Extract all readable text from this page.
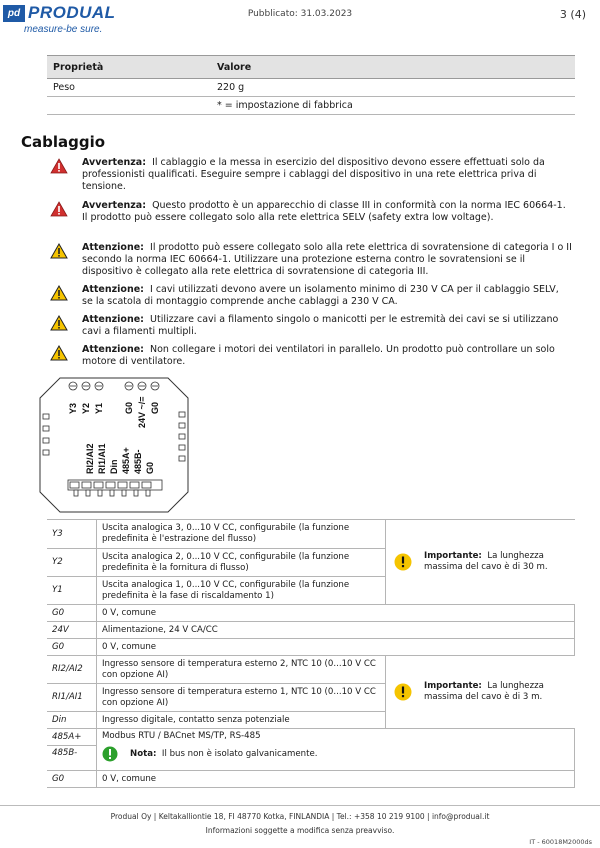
pd PRODUAL
measure-be sure.
Pubblicato: 31.03.2023	3 (4)
Proprietà	Valore
Peso	220 g
	* = impostazione di fabbrica
Cablaggio
Avvertenza: Il cablaggio e la messa in esercizio del dispositivo devono essere effettuati solo da professionisti qualificati. Eseguire sempre i cablaggi del dispositivo in una rete elettrica priva di tensione.
Avvertenza: Questo prodotto è un apparecchio di classe III in conformità con la norma IEC 60664-1. Il prodotto può essere collegato solo alla rete elettrica SELV (safety extra low voltage).
Attenzione: Il prodotto può essere collegato solo alla rete elettrica di sovratensione di categoria I o II secondo la norma IEC 60664-1. Utilizzare una protezione esterna contro le sovratensioni se il dispositivo è collegato alla rete elettrica di sovratensione di categoria III.
Attenzione: I cavi utilizzati devono avere un isolamento minimo di 230 V CA per il cablaggio SELV, se la scatola di montaggio comprende anche cablaggi a 230 V CA.
Attenzione: Utilizzare cavi a filamento singolo o manicotti per le estremità dei cavi se si utilizzano cavi a filamenti multipli.
Attenzione: Non collegare i motori dei ventilatori in parallelo. Un prodotto può controllare un solo motore di ventilatore.
Y3 Y2 Y1 G0 24V ~/= G0
RI2/AI2 RI1/AI1 Din 485A+ 485B- G0
Y3	Uscita analogica 3, 0...10 V CC, configurabile (la funzione predefinita è l'estrazione del flusso)	Importante: La lunghezza massima del cavo è di 30 m.

Y2	Uscita analogica 2, 0...10 V CC, configurabile (la funzione predefinita è la fornitura di flusso)	
Y1	Uscita analogica 1, 0...10 V CC, configurabile (la funzione predefinita è la fase di riscaldamento 1)	
G0	0 V, comune	
24V	Alimentazione, 24 V CA/CC	
G0	0 V, comune	
RI2/AI2	Ingresso sensore di temperatura esterno 2, NTC 10 (0...10 V CC con opzione AI)	Importante: La lunghezza massima del cavo è di 3 m.

RI1/AI1	Ingresso sensore di temperatura esterno 1, NTC 10 (0...10 V CC con opzione AI)	
Din	Ingresso digitale, contatto senza potenziale	
485A+	Modbus RTU / BACnet MS/TP, RS-485
Nota: Il bus non è isolato galvanicamente.	

485B-		
G0	0 V, comune	
Produal Oy | Keltakalliontie 18, FI 48770 Kotka, FINLANDIA | Tel.: +358 10 219 9100 | info@produal.it
Informazioni soggette a modifica senza preavviso.
IT - 60018M2000ds
